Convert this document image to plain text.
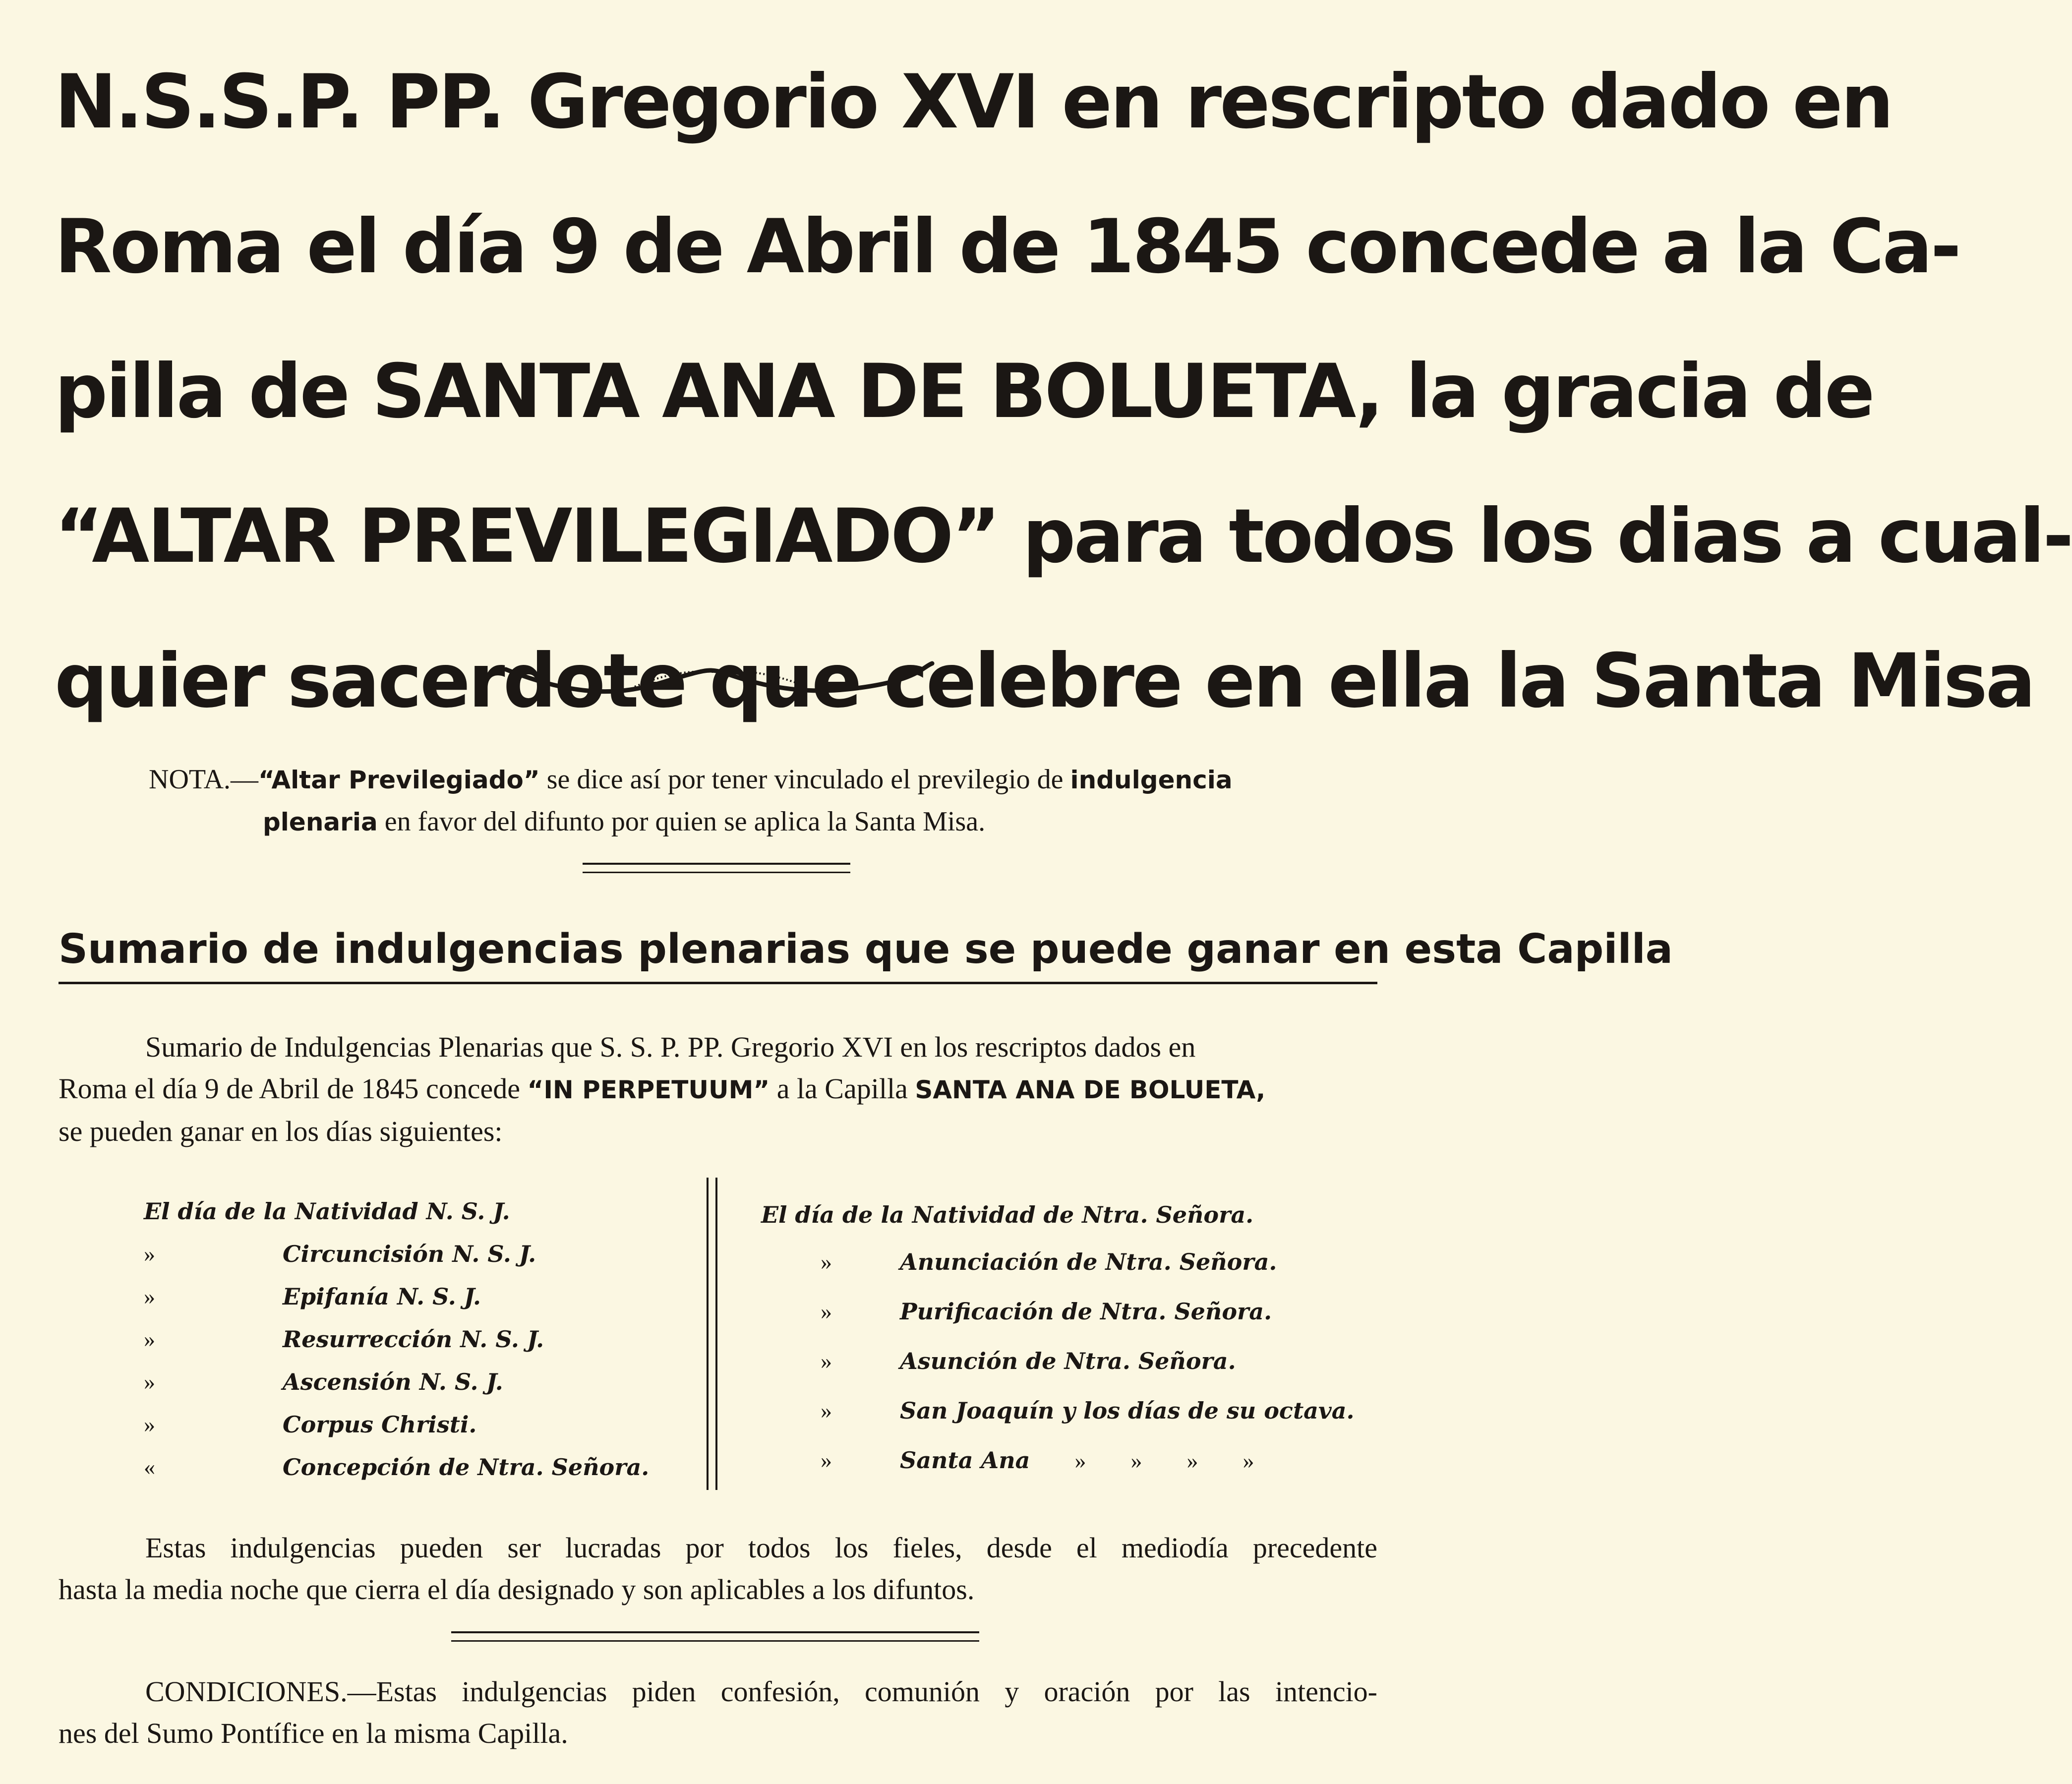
N.S.S.P. PP. Gregorio XVI en rescripto dado en
Roma el día 9 de Abril de 1845 concede a la Ca-
pilla de SANTA ANA DE BOLUETA, la gracia de
“ALTAR PREVILEGIADO” para todos los dias a cual-
quier sacerdote que celebre en ella la Santa Misa
NOTA.—“Altar Previlegiado” se dice así por tener vinculado el previlegio de indulgencia
plenaria en favor del difunto por quien se aplica la Santa Misa.
Sumario de indulgencias plenarias que se puede ganar en esta Capilla
Sumario de Indulgencias Plenarias que S. S. P. PP. Gregorio XVI en los rescriptos dados en
Roma el día 9 de Abril de 1845 concede “IN PERPETUUM” a la Capilla SANTA ANA DE BOLUETA,
se pueden ganar en los días siguientes:
El día de la Natividad N. S. J.
»	Circuncisión N. S. J.
»	Epifanía N. S. J.
»	Resurrección N. S. J.
»	Ascensión N. S. J.
»	Corpus Christi.
«	Concepción de Ntra. Señora.
El día de la Natividad de Ntra. Señora.
»	Anunciación de Ntra. Señora.
»	Purificación de Ntra. Señora.
»	Asunción de Ntra. Señora.
»	San Joaquín y los días de su octava.
»	Santa Ana » » » »
Estas indulgencias pueden ser lucradas por todos los fieles, desde el mediodía precedente
hasta la media noche que cierra el día designado y son aplicables a los difuntos.
CONDICIONES.—Estas indulgencias piden confesión, comunión y oración por las intencio-
nes del Sumo Pontífice en la misma Capilla.
